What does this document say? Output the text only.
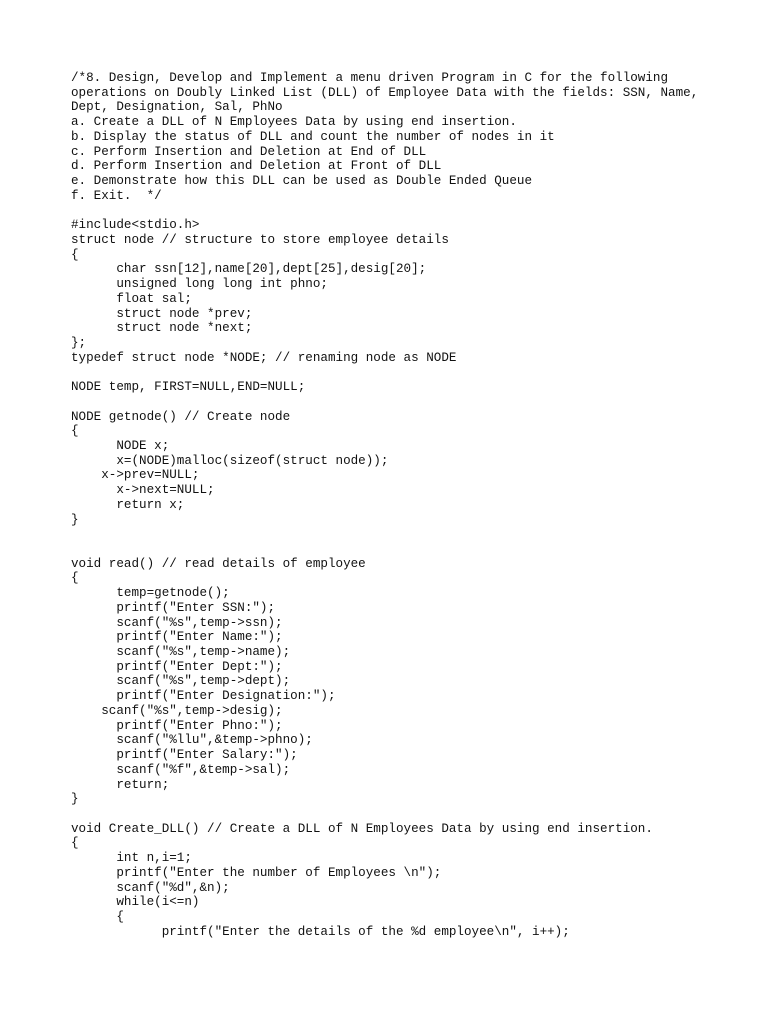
/*8. Design, Develop and Implement a menu driven Program in C for the following
operations on Doubly Linked List (DLL) of Employee Data with the fields: SSN, Name,
Dept, Designation, Sal, PhNo
a. Create a DLL of N Employees Data by using end insertion.
b. Display the status of DLL and count the number of nodes in it
c. Perform Insertion and Deletion at End of DLL
d. Perform Insertion and Deletion at Front of DLL
e. Demonstrate how this DLL can be used as Double Ended Queue
f. Exit.  */

#include<stdio.h>
struct node // structure to store employee details
{
char ssn[12],name[20],dept[25],desig[20];
unsigned long long int phno;
float sal;
struct node *prev;
struct node *next;
};
typedef struct node *NODE; // renaming node as NODE

NODE temp, FIRST=NULL,END=NULL;

NODE getnode() // Create node
{
NODE x;
x=(NODE)malloc(sizeof(struct node));
x->prev=NULL;
x->next=NULL;
return x;
}

void read() // read details of employee
{
temp=getnode();
printf("Enter SSN:");
scanf("%s",temp->ssn);
printf("Enter Name:");
scanf("%s",temp->name);
printf("Enter Dept:");
scanf("%s",temp->dept);
printf("Enter Designation:");
scanf("%s",temp->desig);
printf("Enter Phno:");
scanf("%llu",&temp->phno);
printf("Enter Salary:");
scanf("%f",&temp->sal);
return;
}

void Create_DLL() // Create a DLL of N Employees Data by using end insertion.
{
int n,i=1;
printf("Enter the number of Employees \n");
scanf("%d",&n);
while(i<=n)
{
printf("Enter the details of the %d employee\n", i++);
